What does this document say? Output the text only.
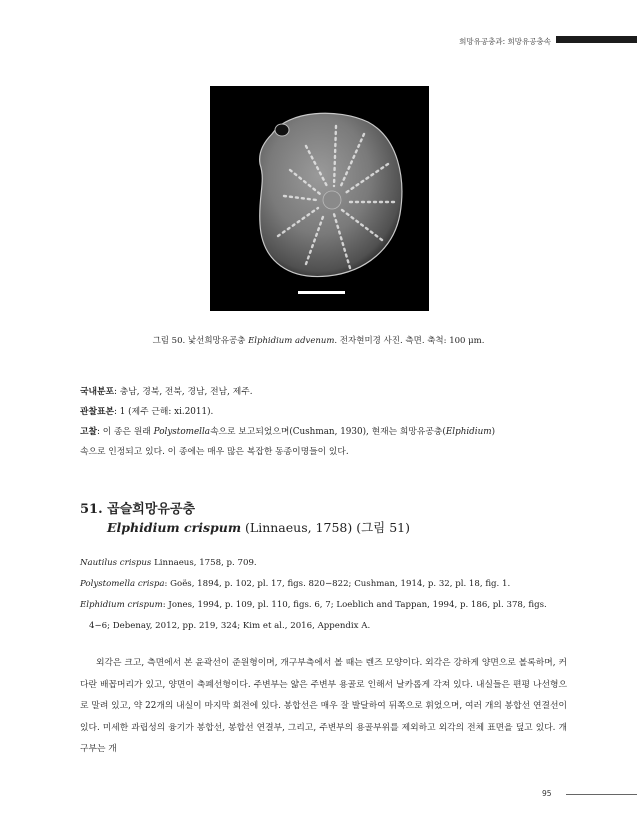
희망유공충과: 희망유공충속
그림 50. 낯선희망유공충 Elphidium advenum. 전자현미경 사진. 측면. 축척: 100 μm.

국내분포: 충남, 경북, 전북, 경남, 전남, 제주.

관찰표본: 1 (제주 근해: xi.2011).

고찰: 이 종은 원래 Polystomella속으로 보고되었으며(Cushman, 1930), 현재는 희망유공충(Elphidium)

속으로 인정되고 있다. 이 종에는 매우 많은 복잡한 동종이명들이 있다.

51. 곱슬희망유공충
Elphidium crispum (Linnaeus, 1758) (그림 51)

Nautilus crispus Linnaeus, 1758, p. 709.

Polystomella crispa: Goës, 1894, p. 102, pl. 17, figs. 820−822; Cushman, 1914, p. 32, pl. 18, fig. 1.

Elphidium crispum: Jones, 1994, p. 109, pl. 110, figs. 6, 7; Loeblich and Tappan, 1994, p. 186, pl. 378, figs.

4−6; Debenay, 2012, pp. 219, 324; Kim et al., 2016, Appendix A.

외각은 크고, 측면에서 본 윤곽선이 준원형이며, 개구부측에서 볼 때는 렌즈 모양이다. 외각은 강하게 양면으로 볼록하며, 커다란 배꼽머리가 있고, 양면이 축폐선형이다. 주변부는 얇은 주변부 용골로 인해서 날카롭게 각져 있다. 내실들은 편평 나선형으로 말려 있고, 약 22개의 내실이 마지막 회전에 있다. 봉합선은 매우 잘 발달하여 뒤쪽으로 휘었으며, 여러 개의 봉합선 연결선이 있다. 미세한 과립성의 융기가 봉합선, 봉합선 연결부, 그리고, 주변부의 용골부위를 제외하고 외각의 전체 표면을 덮고 있다. 개구부는 개
95
